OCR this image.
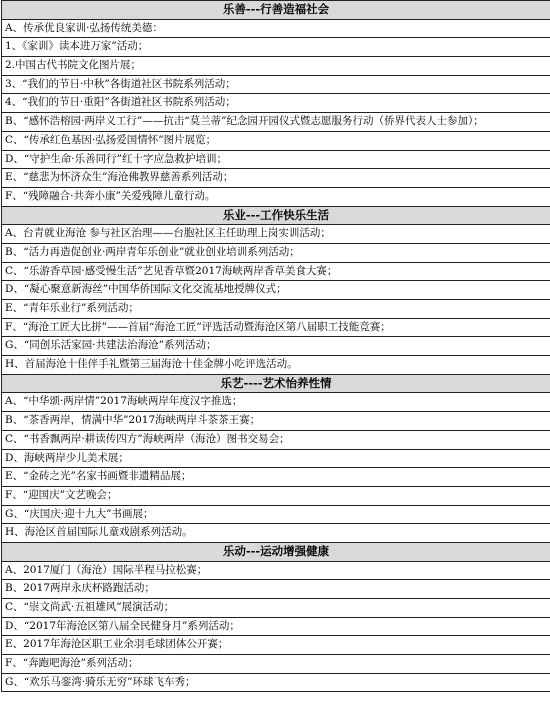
乐善---行善造福社会
A、传承优良家训·弘扬传统美德：
1、《家训》读本进万家”活动；
2.中国古代书院文化图片展；
3、“我们的节日·中秋”各街道社区书院系列活动；
4、“我们的节日·重阳”各街道社区书院系列活动；
B、“感怀浩榕园·两岸义工行”——抗击“莫兰蒂”纪念园开园仪式暨志愿服务行动（侨界代表人士参加）；
C、“传承红色基因·弘扬爱国情怀”图片展览；
D、“守护生命·乐善同行”红十字应急救护培训；
E、“慈悲为怀济众生”海沧佛教界慈善系列活动；
F、“残障融合·共奔小康”关爱残障儿童行动。
乐业---工作快乐生活
A、台青就业海沧 参与社区治理——台胞社区主任助理上岗实训活动；
B、“活力再造促创业·两岸青年乐创业”就业创业培训系列活动；
C、“乐游香草园·感受慢生活”艺见香草暨2017海峡两岸香草美食大赛；
D、“凝心聚意新海丝”中国华侨国际文化交流基地授牌仪式；
E、“青年乐业行”系列活动；
F、“海沧工匠大比拼”——首届“海沧工匠”评选活动暨海沧区第八届职工技能竞赛；
G、“同创乐活家园·共建法治海沧”系列活动；
H、首届海沧十佳伴手礼暨第三届海沧十佳金牌小吃评选活动。
乐艺----艺术怡养性情
A、“中华颂·两岸情”2017海峡两岸年度汉字推选；
B、“茶香两岸，情满中华”2017海峡两岸斗茶茶王赛；
C、“书香飘两岸·耕读传四方”海峡两岸（海沧）图书交易会；
D、海峡两岸少儿美术展；
E、“金砖之光”名家书画暨非遗精品展；
F、“迎国庆”文艺晚会；
G、“庆国庆·迎十九大”书画展；
H、海沧区首届国际儿童戏剧系列活动。
乐动---运动增强健康
A、2017厦门（海沧）国际半程马拉松赛；
B、2017两岸永庆杯路跑活动；
C、“崇文尚武·五祖雄风”展演活动；
D、“2017年海沧区第八届全民健身月”系列活动；
E、2017年海沧区职工业余羽毛球团体公开赛；
F、“奔跑吧海沧”系列活动；
G、“欢乐马銮湾·骑乐无穷”环球飞车秀；
